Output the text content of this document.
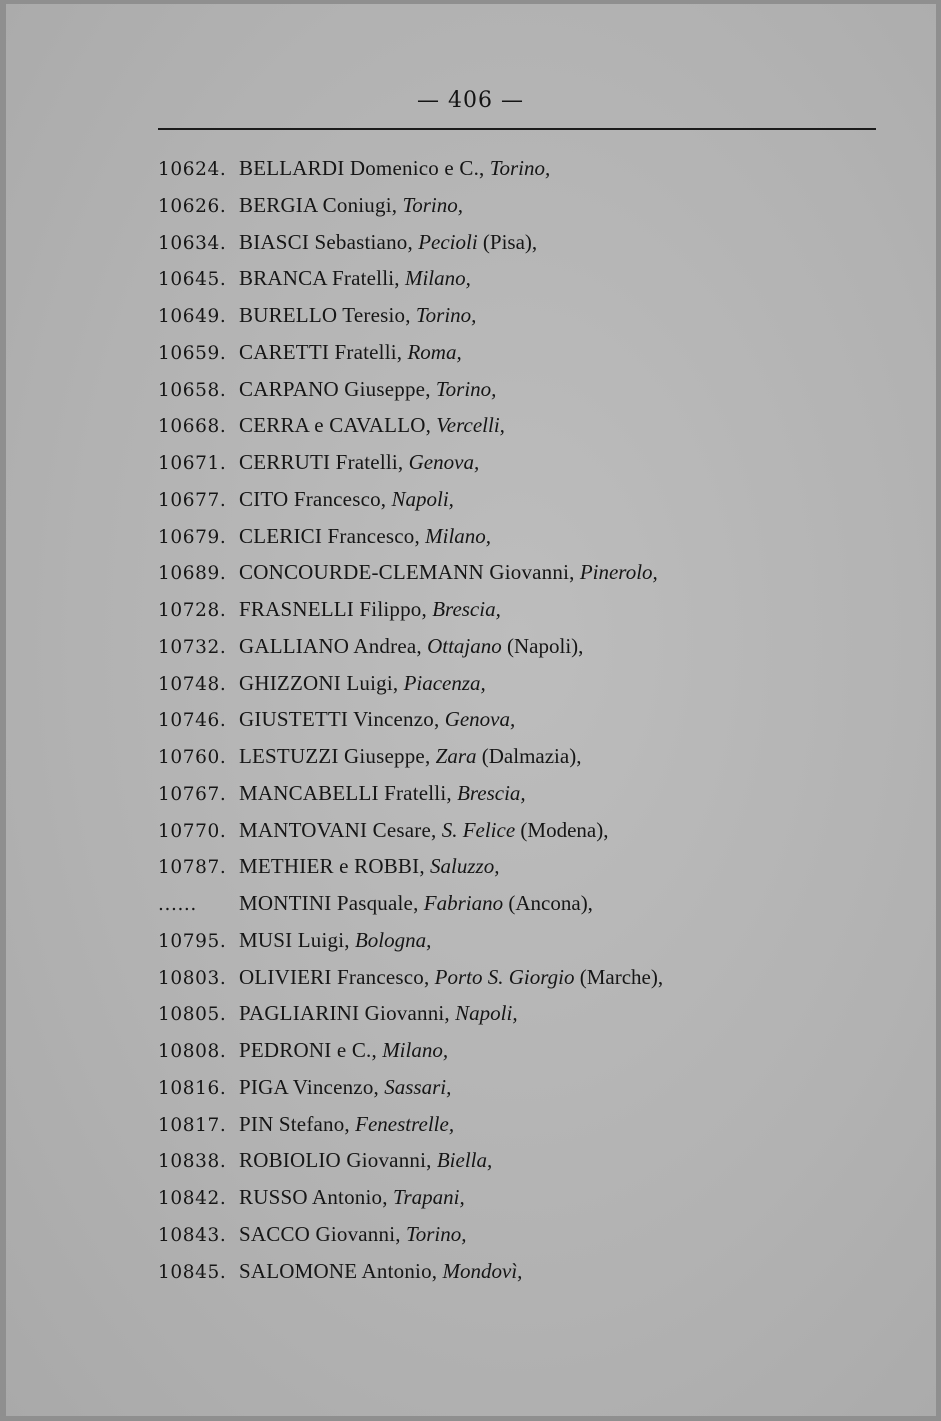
— 406 —
10624. BELLARDI Domenico e C., Torino,
10626. BERGIA Coniugi, Torino,
10634. BIASCI Sebastiano, Pecioli (Pisa),
10645. BRANCA Fratelli, Milano,
10649. BURELLO Teresio, Torino,
10659. CARETTI Fratelli, Roma,
10658. CARPANO Giuseppe, Torino,
10668. CERRA e CAVALLO, Vercelli,
10671. CERRUTI Fratelli, Genova,
10677. CITO Francesco, Napoli,
10679. CLERICI Francesco, Milano,
10689. CONCOURDE-CLEMANN Giovanni, Pinerolo,
10728. FRASNELLI Filippo, Brescia,
10732. GALLIANO Andrea, Ottajano (Napoli),
10748. GHIZZONI Luigi, Piacenza,
10746. GIUSTETTI Vincenzo, Genova,
10760. LESTUZZI Giuseppe, Zara (Dalmazia),
10767. MANCABELLI Fratelli, Brescia,
10770. MANTOVANI Cesare, S. Felice (Modena),
10787. METHIER e ROBBI, Saluzzo,
...... MONTINI Pasquale, Fabriano (Ancona),
10795. MUSI Luigi, Bologna,
10803. OLIVIERI Francesco, Porto S. Giorgio (Marche),
10805. PAGLIARINI Giovanni, Napoli,
10808. PEDRONI e C., Milano,
10816. PIGA Vincenzo, Sassari,
10817. PIN Stefano, Fenestrelle,
10838. ROBIOLIO Giovanni, Biella,
10842. RUSSO Antonio, Trapani,
10843. SACCO Giovanni, Torino,
10845. SALOMONE Antonio, Mondovì,
